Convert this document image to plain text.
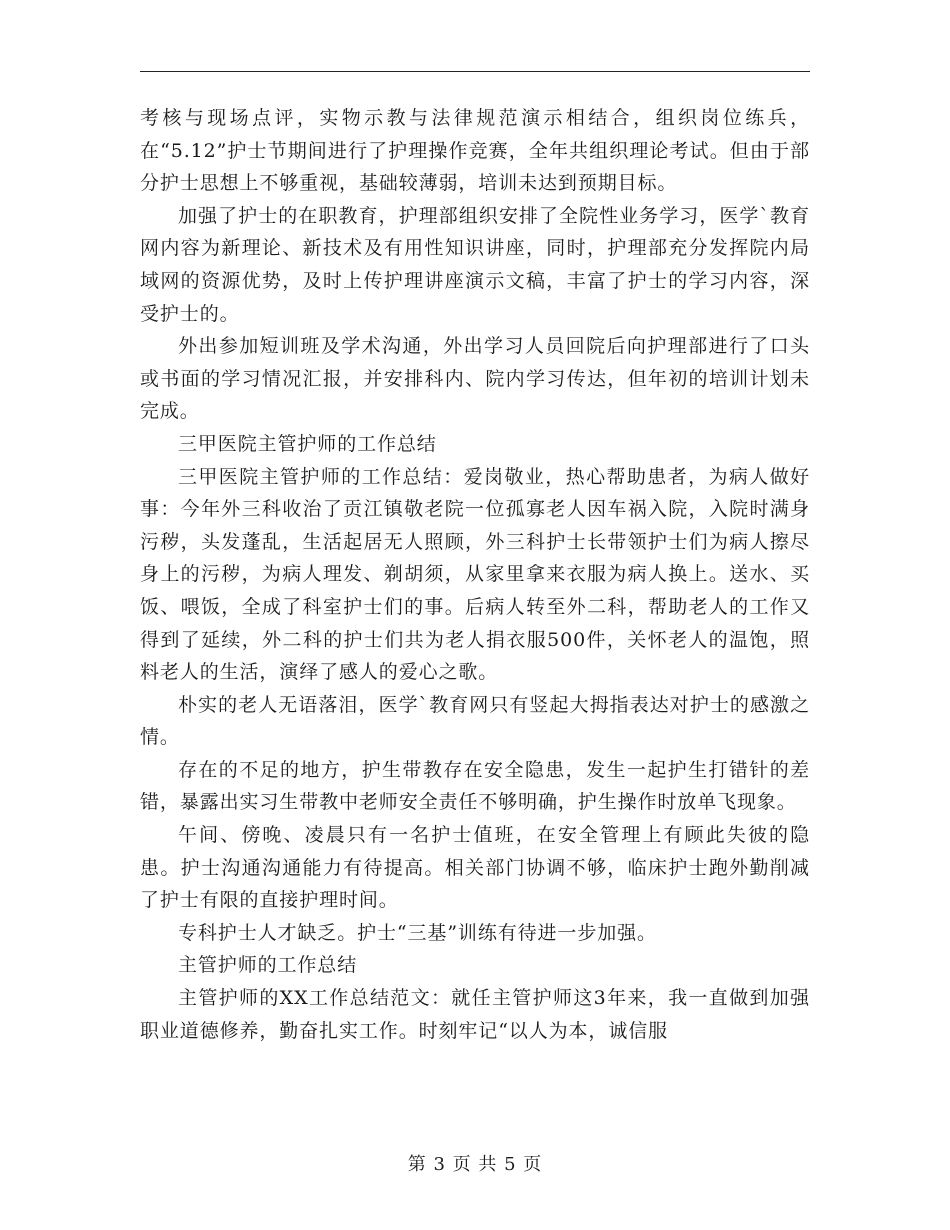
考核与现场点评，实物示教与法律规范演示相结合，组织岗位练兵，在“5.12”护士节期间进行了护理操作竞赛，全年共组织理论考试。但由于部分护士思想上不够重视，基础较薄弱，培训未达到预期目标。

加强了护士的在职教育，护理部组织安排了全院性业务学习，医学`教育网内容为新理论、新技术及有用性知识讲座，同时，护理部充分发挥院内局域网的资源优势，及时上传护理讲座演示文稿，丰富了护士的学习内容，深受护士的。

外出参加短训班及学术沟通，外出学习人员回院后向护理部进行了口头或书面的学习情况汇报，并安排科内、院内学习传达，但年初的培训计划未完成。

三甲医院主管护师的工作总结

三甲医院主管护师的工作总结：爱岗敬业，热心帮助患者，为病人做好事：今年外三科收治了贡江镇敬老院一位孤寡老人因车祸入院，入院时满身污秽，头发蓬乱，生活起居无人照顾，外三科护士长带领护士们为病人擦尽身上的污秽，为病人理发、剃胡须，从家里拿来衣服为病人换上。送水、买饭、喂饭，全成了科室护士们的事。后病人转至外二科，帮助老人的工作又得到了延续，外二科的护士们共为老人捐衣服500件，关怀老人的温饱，照料老人的生活，演绎了感人的爱心之歌。

朴实的老人无语落泪，医学`教育网只有竖起大拇指表达对护士的感激之情。

存在的不足的地方，护生带教存在安全隐患，发生一起护生打错针的差错，暴露出实习生带教中老师安全责任不够明确，护生操作时放单飞现象。

午间、傍晚、凌晨只有一名护士值班，在安全管理上有顾此失彼的隐患。护士沟通沟通能力有待提高。相关部门协调不够，临床护士跑外勤削减了护士有限的直接护理时间。

专科护士人才缺乏。护士“三基”训练有待进一步加强。

主管护师的工作总结

主管护师的XX工作总结范文：就任主管护师这3年来，我一直做到加强职业道德修养，勤奋扎实工作。时刻牢记“以人为本，诚信服

第 3 页 共 5 页
